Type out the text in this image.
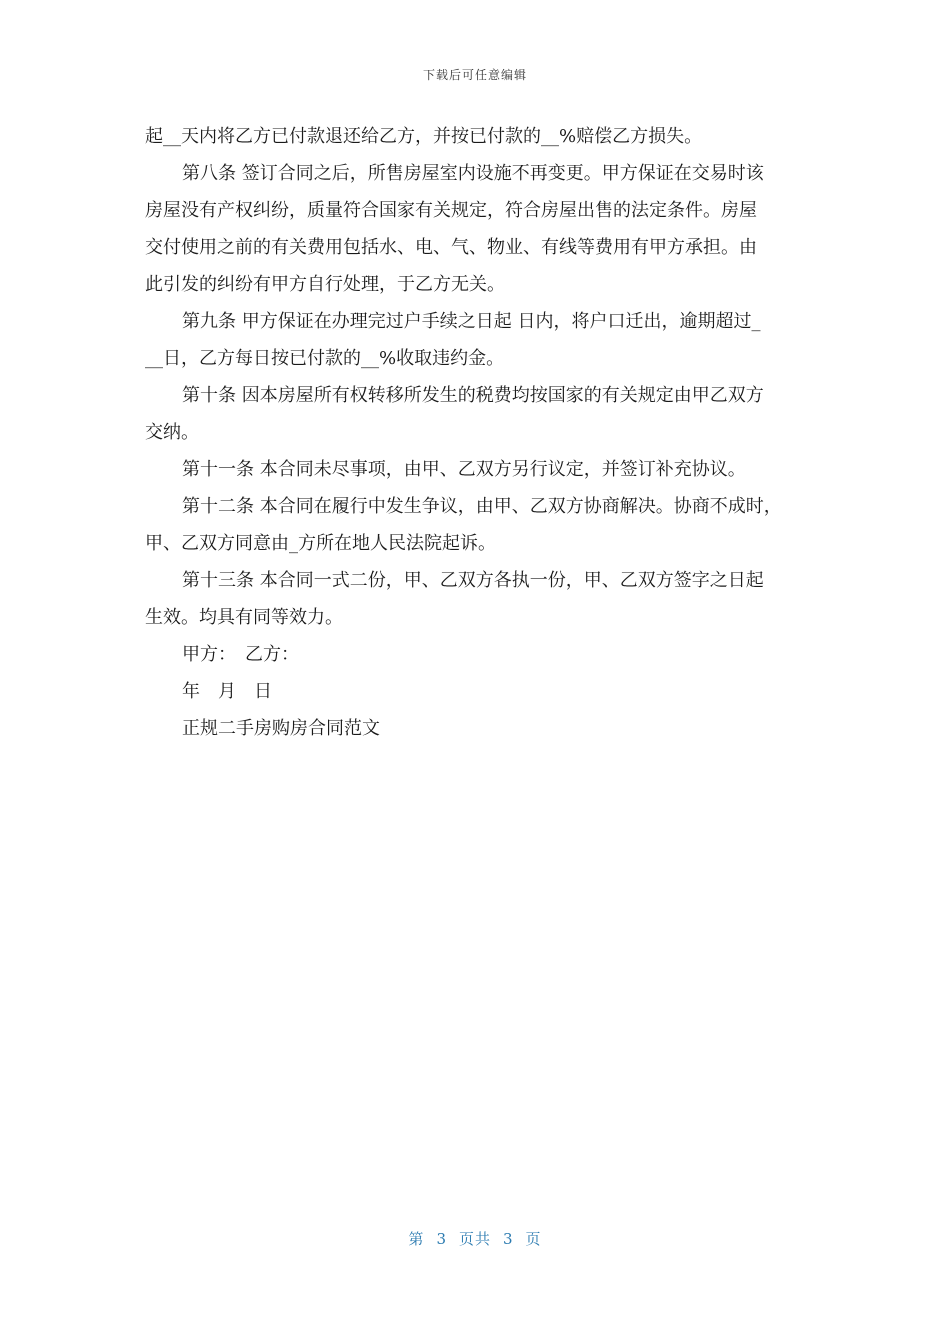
下载后可任意编辑
起__天内将乙方已付款退还给乙方，并按已付款的__%赔偿乙方损失。
第八条 签订合同之后，所售房屋室内设施不再变更。甲方保证在交易时该
房屋没有产权纠纷，质量符合国家有关规定，符合房屋出售的法定条件。房屋
交付使用之前的有关费用包括水、电、气、物业、有线等费用有甲方承担。由
此引发的纠纷有甲方自行处理，于乙方无关。
第九条 甲方保证在办理完过户手续之日起 日内，将户口迁出，逾期超过_
__日，乙方每日按已付款的__%收取违约金。
第十条 因本房屋所有权转移所发生的税费均按国家的有关规定由甲乙双方
交纳。
第十一条 本合同未尽事项，由甲、乙双方另行议定，并签订补充协议。
第十二条 本合同在履行中发生争议，由甲、乙双方协商解决。协商不成时，
甲、乙双方同意由_方所在地人民法院起诉。
第十三条 本合同一式二份，甲、乙双方各执一份，甲、乙双方签字之日起
生效。均具有同等效力。
甲方：　乙方：
年　月　日
正规二手房购房合同范文
第 3 页共 3 页
